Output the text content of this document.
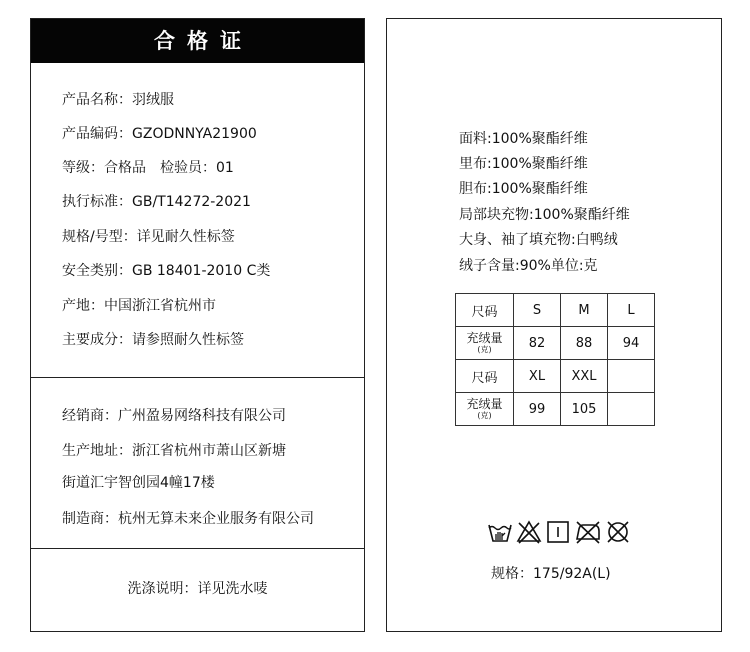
合格证
产品名称：羽绒服
产品编码：GZODNNYA21900
等级：合格品　检验员：01
执行标准：GB/T14272-2021
规格/号型：详见耐久性标签
安全类别：GB 18401-2010 C类
产地：中国浙江省杭州市
主要成分：请参照耐久性标签
经销商：广州盈易网络科技有限公司
生产地址：浙江省杭州市萧山区新塘
街道汇宇智创园4幢17楼
制造商：杭州无算未来企业服务有限公司
洗涤说明：详见洗水唛
面料:100%聚酯纤维
里布:100%聚酯纤维
胆布:100%聚酯纤维
局部块充物:100%聚酯纤维
大身、袖了填充物:白鸭绒
绒子含量:90%单位:克
尺码	S	M	L

充绒量
(克)	82	88	94
尺码	XL	XXL	

充绒量
(克)	99	105	
规格：175/92A(L)
